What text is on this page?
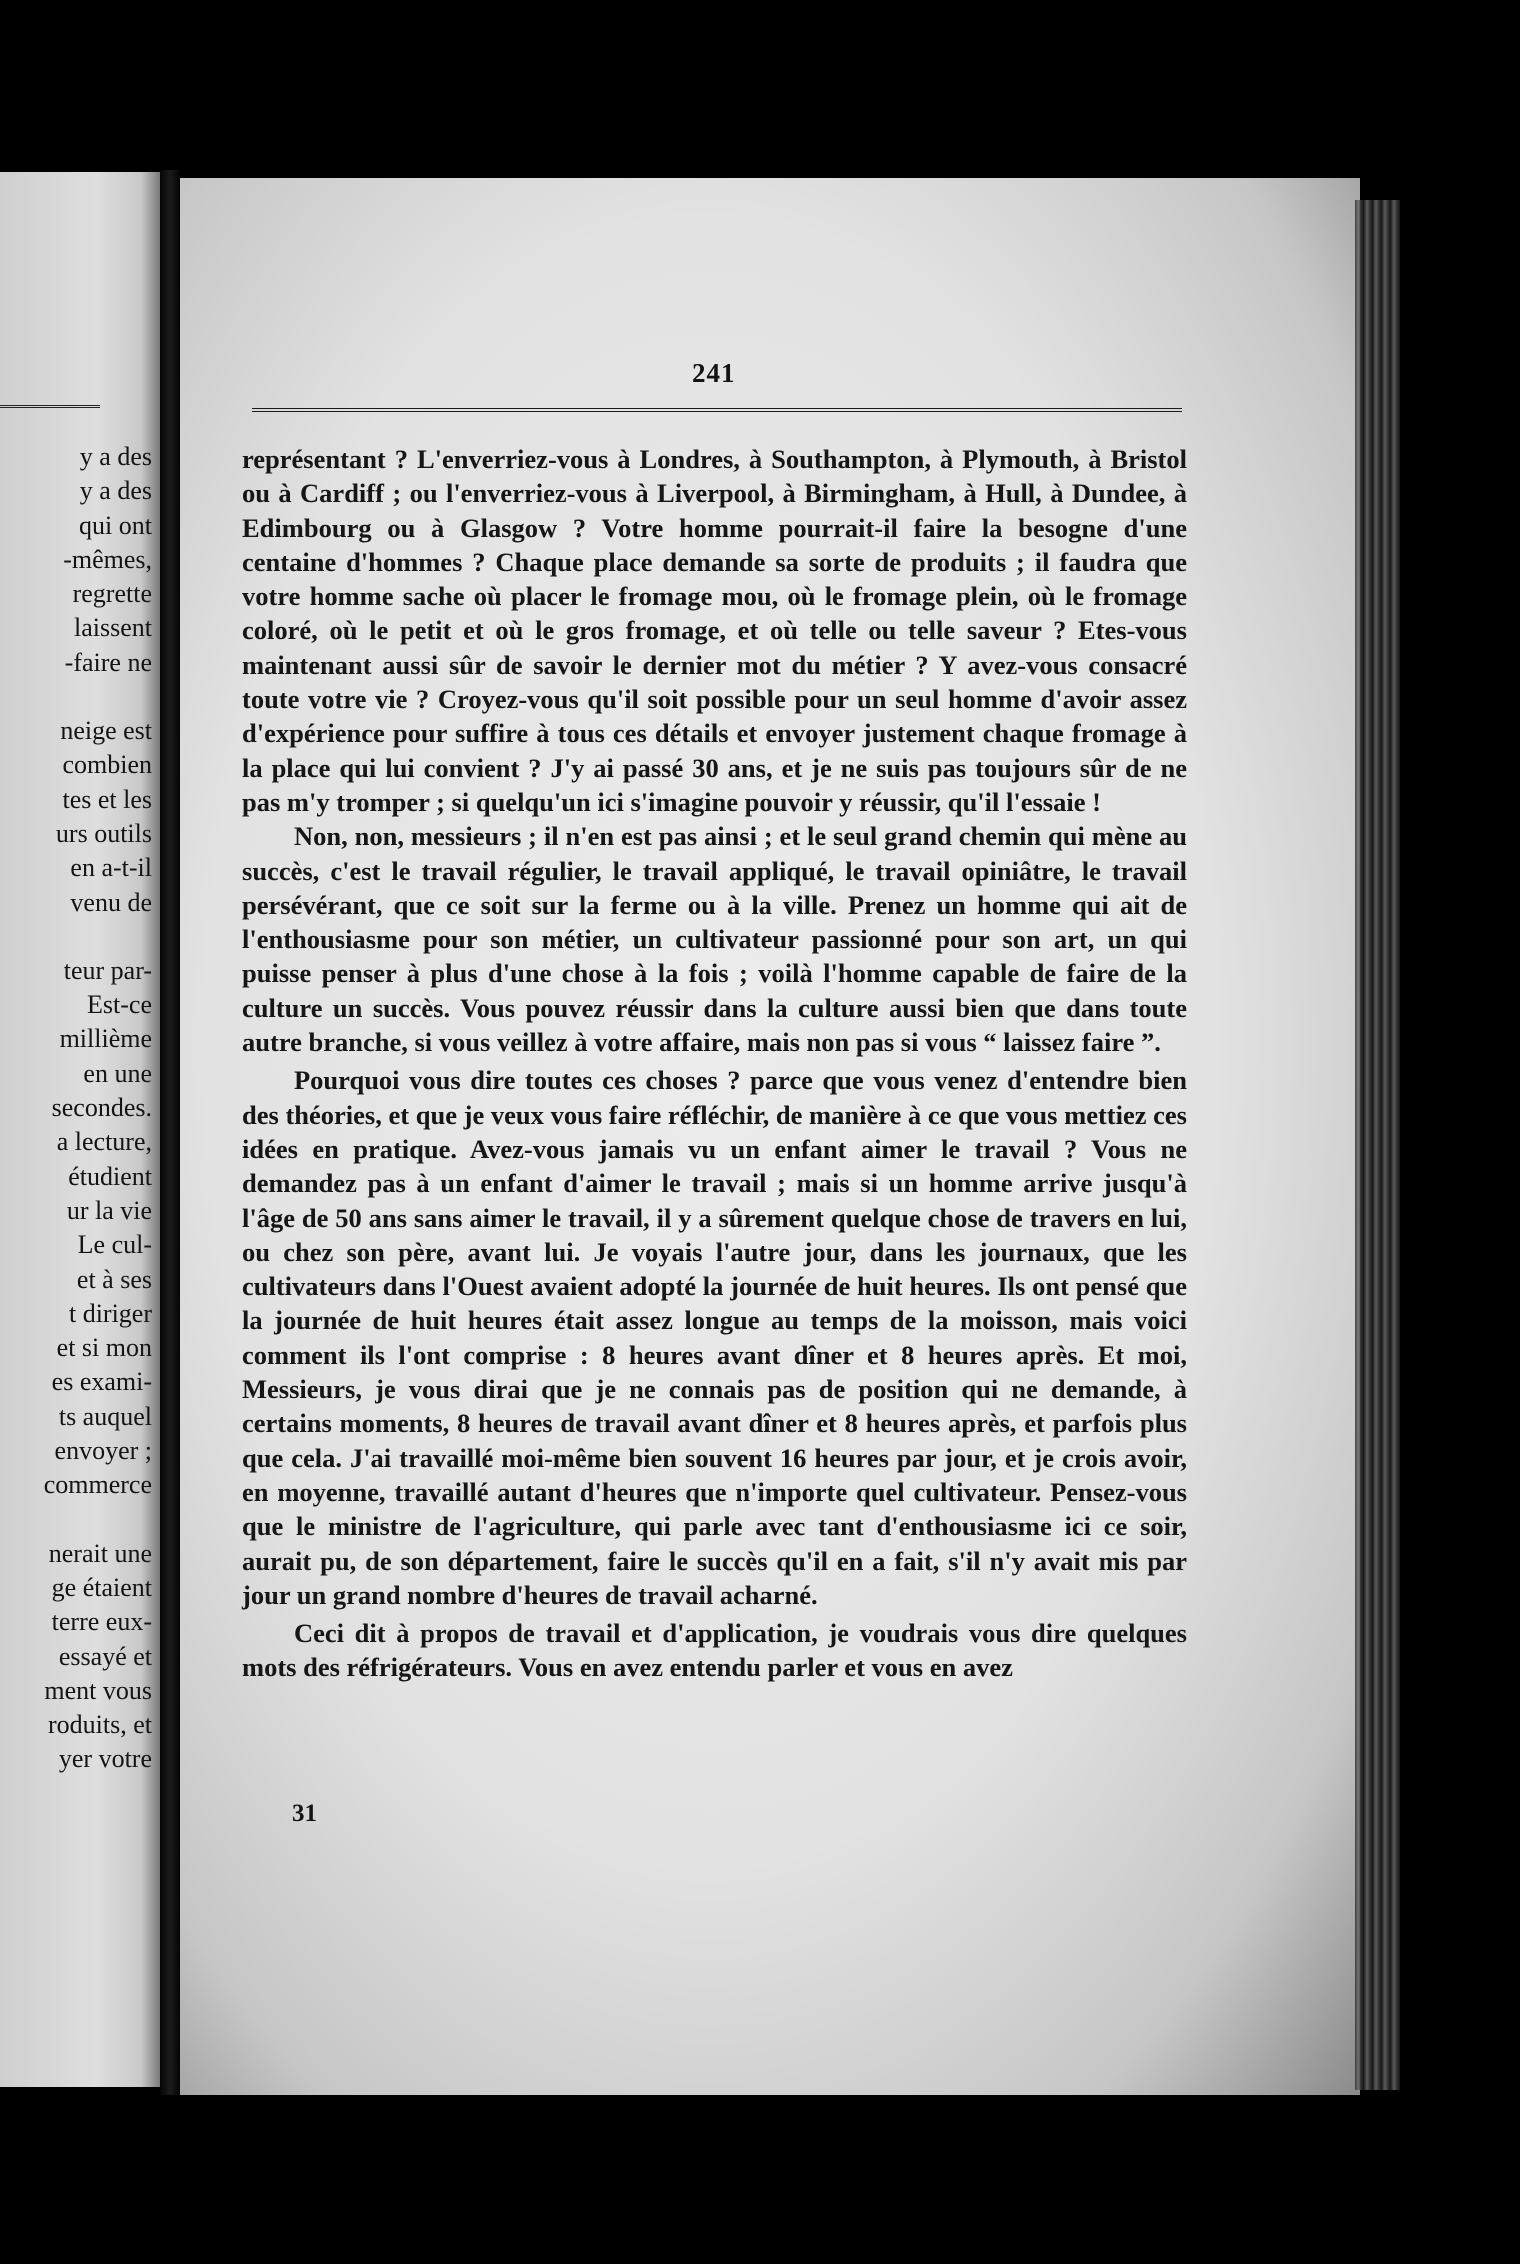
y a des
y a des
qui ont
-mêmes,
regrette
laissent
-faire ne
neige est
combien
tes et les
urs outils
en a-t-il
venu de
teur par-
Est-ce
millième
en une
secondes.
a lecture,
étudient
ur la vie
Le cul-
et à ses
t diriger
et si mon
es exami-
ts auquel
envoyer ;
commerce
nerait une
ge étaient
terre eux-
essayé et
ment vous
roduits, et
yer votre
241

représentant ? L'enverriez-vous à Londres, à Southampton, à Plymouth, à Bristol ou à Cardiff ; ou l'enverriez-vous à Liverpool, à Birmingham, à Hull, à Dundee, à Edimbourg ou à Glasgow ? Votre homme pourrait-il faire la besogne d'une centaine d'hommes ? Chaque place demande sa sorte de produits ; il faudra que votre homme sache où placer le fromage mou, où le fromage plein, où le fromage coloré, où le petit et où le gros fromage, et où telle ou telle saveur ? Etes-vous maintenant aussi sûr de savoir le dernier mot du métier ? Y avez-vous consacré toute votre vie ? Croyez-vous qu'il soit possible pour un seul homme d'avoir assez d'expérience pour suffire à tous ces détails et envoyer justement chaque fromage à la place qui lui convient ? J'y ai passé 30 ans, et je ne suis pas toujours sûr de ne pas m'y tromper ; si quelqu'un ici s'imagine pouvoir y réussir, qu'il l'essaie !

Non, non, messieurs ; il n'en est pas ainsi ; et le seul grand chemin qui mène au succès, c'est le travail régulier, le travail appliqué, le travail opiniâtre, le travail persévérant, que ce soit sur la ferme ou à la ville. Prenez un homme qui ait de l'enthousiasme pour son métier, un cultivateur passionné pour son art, un qui puisse penser à plus d'une chose à la fois ; voilà l'homme capable de faire de la culture un succès. Vous pouvez réussir dans la culture aussi bien que dans toute autre branche, si vous veillez à votre affaire, mais non pas si vous “ laissez faire ”.

Pourquoi vous dire toutes ces choses ? parce que vous venez d'entendre bien des théories, et que je veux vous faire réfléchir, de manière à ce que vous mettiez ces idées en pratique. Avez-vous jamais vu un enfant aimer le travail ? Vous ne demandez pas à un enfant d'aimer le travail ; mais si un homme arrive jusqu'à l'âge de 50 ans sans aimer le travail, il y a sûrement quelque chose de travers en lui, ou chez son père, avant lui. Je voyais l'autre jour, dans les journaux, que les cultivateurs dans l'Ouest avaient adopté la journée de huit heures. Ils ont pensé que la journée de huit heures était assez longue au temps de la moisson, mais voici comment ils l'ont comprise : 8 heures avant dîner et 8 heures après. Et moi, Messieurs, je vous dirai que je ne connais pas de position qui ne demande, à certains moments, 8 heures de travail avant dîner et 8 heures après, et parfois plus que cela. J'ai travaillé moi-même bien souvent 16 heures par jour, et je crois avoir, en moyenne, travaillé autant d'heures que n'importe quel cultivateur. Pensez-vous que le ministre de l'agriculture, qui parle avec tant d'enthousiasme ici ce soir, aurait pu, de son département, faire le succès qu'il en a fait, s'il n'y avait mis par jour un grand nombre d'heures de travail acharné.

Ceci dit à propos de travail et d'application, je voudrais vous dire quelques mots des réfrigérateurs. Vous en avez entendu parler et vous en avez

31
